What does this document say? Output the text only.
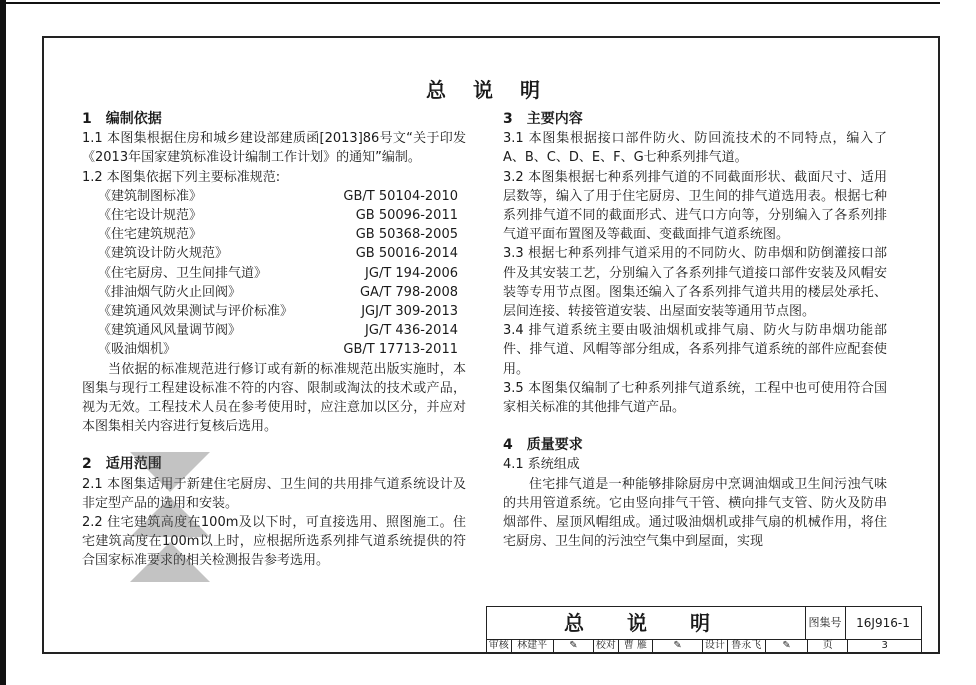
总 说 明
1　编制依据

1.1 本图集根据住房和城乡建设部建质函[2013]86号文“关于印发《2013年国家建筑标准设计编制工作计划》的通知”编制。

1.2 本图集依据下列主要标准规范:

《建筑制图标准》	GB/T 50104-2010
《住宅设计规范》	GB 50096-2011
《住宅建筑规范》	GB 50368-2005
《建筑设计防火规范》	GB 50016-2014
《住宅厨房、卫生间排气道》	JG/T 194-2006
《排油烟气防火止回阀》	GA/T 798-2008
《建筑通风效果测试与评价标准》	JGJ/T 309-2013
《建筑通风风量调节阀》	JG/T 436-2014
《吸油烟机》	GB/T 17713-2011

当依据的标准规范进行修订或有新的标准规范出版实施时，本图集与现行工程建设标准不符的内容、限制或淘汰的技术或产品，视为无效。工程技术人员在参考使用时，应注意加以区分，并应对本图集相关内容进行复核后选用。

2　适用范围

2.1 本图集适用于新建住宅厨房、卫生间的共用排气道系统设计及非定型产品的选用和安装。

2.2 住宅建筑高度在100m及以下时，可直接选用、照图施工。住宅建筑高度在100m以上时，应根据所选系列排气道系统提供的符合国家标准要求的相关检测报告参考选用。

3　主要内容

3.1 本图集根据接口部件防火、防回流技术的不同特点，编入了A、B、C、D、E、F、G七种系列排气道。

3.2 本图集根据七种系列排气道的不同截面形状、截面尺寸、适用层数等，编入了用于住宅厨房、卫生间的排气道选用表。根据七种系列排气道不同的截面形式、进气口方向等，分别编入了各系列排气道平面布置图及等截面、变截面排气道系统图。

3.3 根据七种系列排气道采用的不同防火、防串烟和防倒灌接口部件及其安装工艺，分别编入了各系列排气道接口部件安装及风帽安装等专用节点图。图集还编入了各系列排气道共用的楼层处承托、层间连接、转接管道安装、出屋面安装等通用节点图。

3.4 排气道系统主要由吸油烟机或排气扇、防火与防串烟功能部件、排气道、风帽等部分组成，各系列排气道系统的部件应配套使用。

3.5 本图集仅编制了七种系列排气道系统，工程中也可使用符合国家相关标准的其他排气道产品。

4　质量要求

4.1 系统组成

住宅排气道是一种能够排除厨房中烹调油烟或卫生间污浊气味的共用管道系统。它由竖向排气干管、横向排气支管、防火及防串烟部件、屋顶风帽组成。通过吸油烟机或排气扇的机械作用，将住宅厨房、卫生间的污浊空气集中到屋面，实现

总 说 明	图集号	16J916-1
审核 林建平	✎	校对 曹 雁	✎	设计 鲁永飞	✎	页	3
